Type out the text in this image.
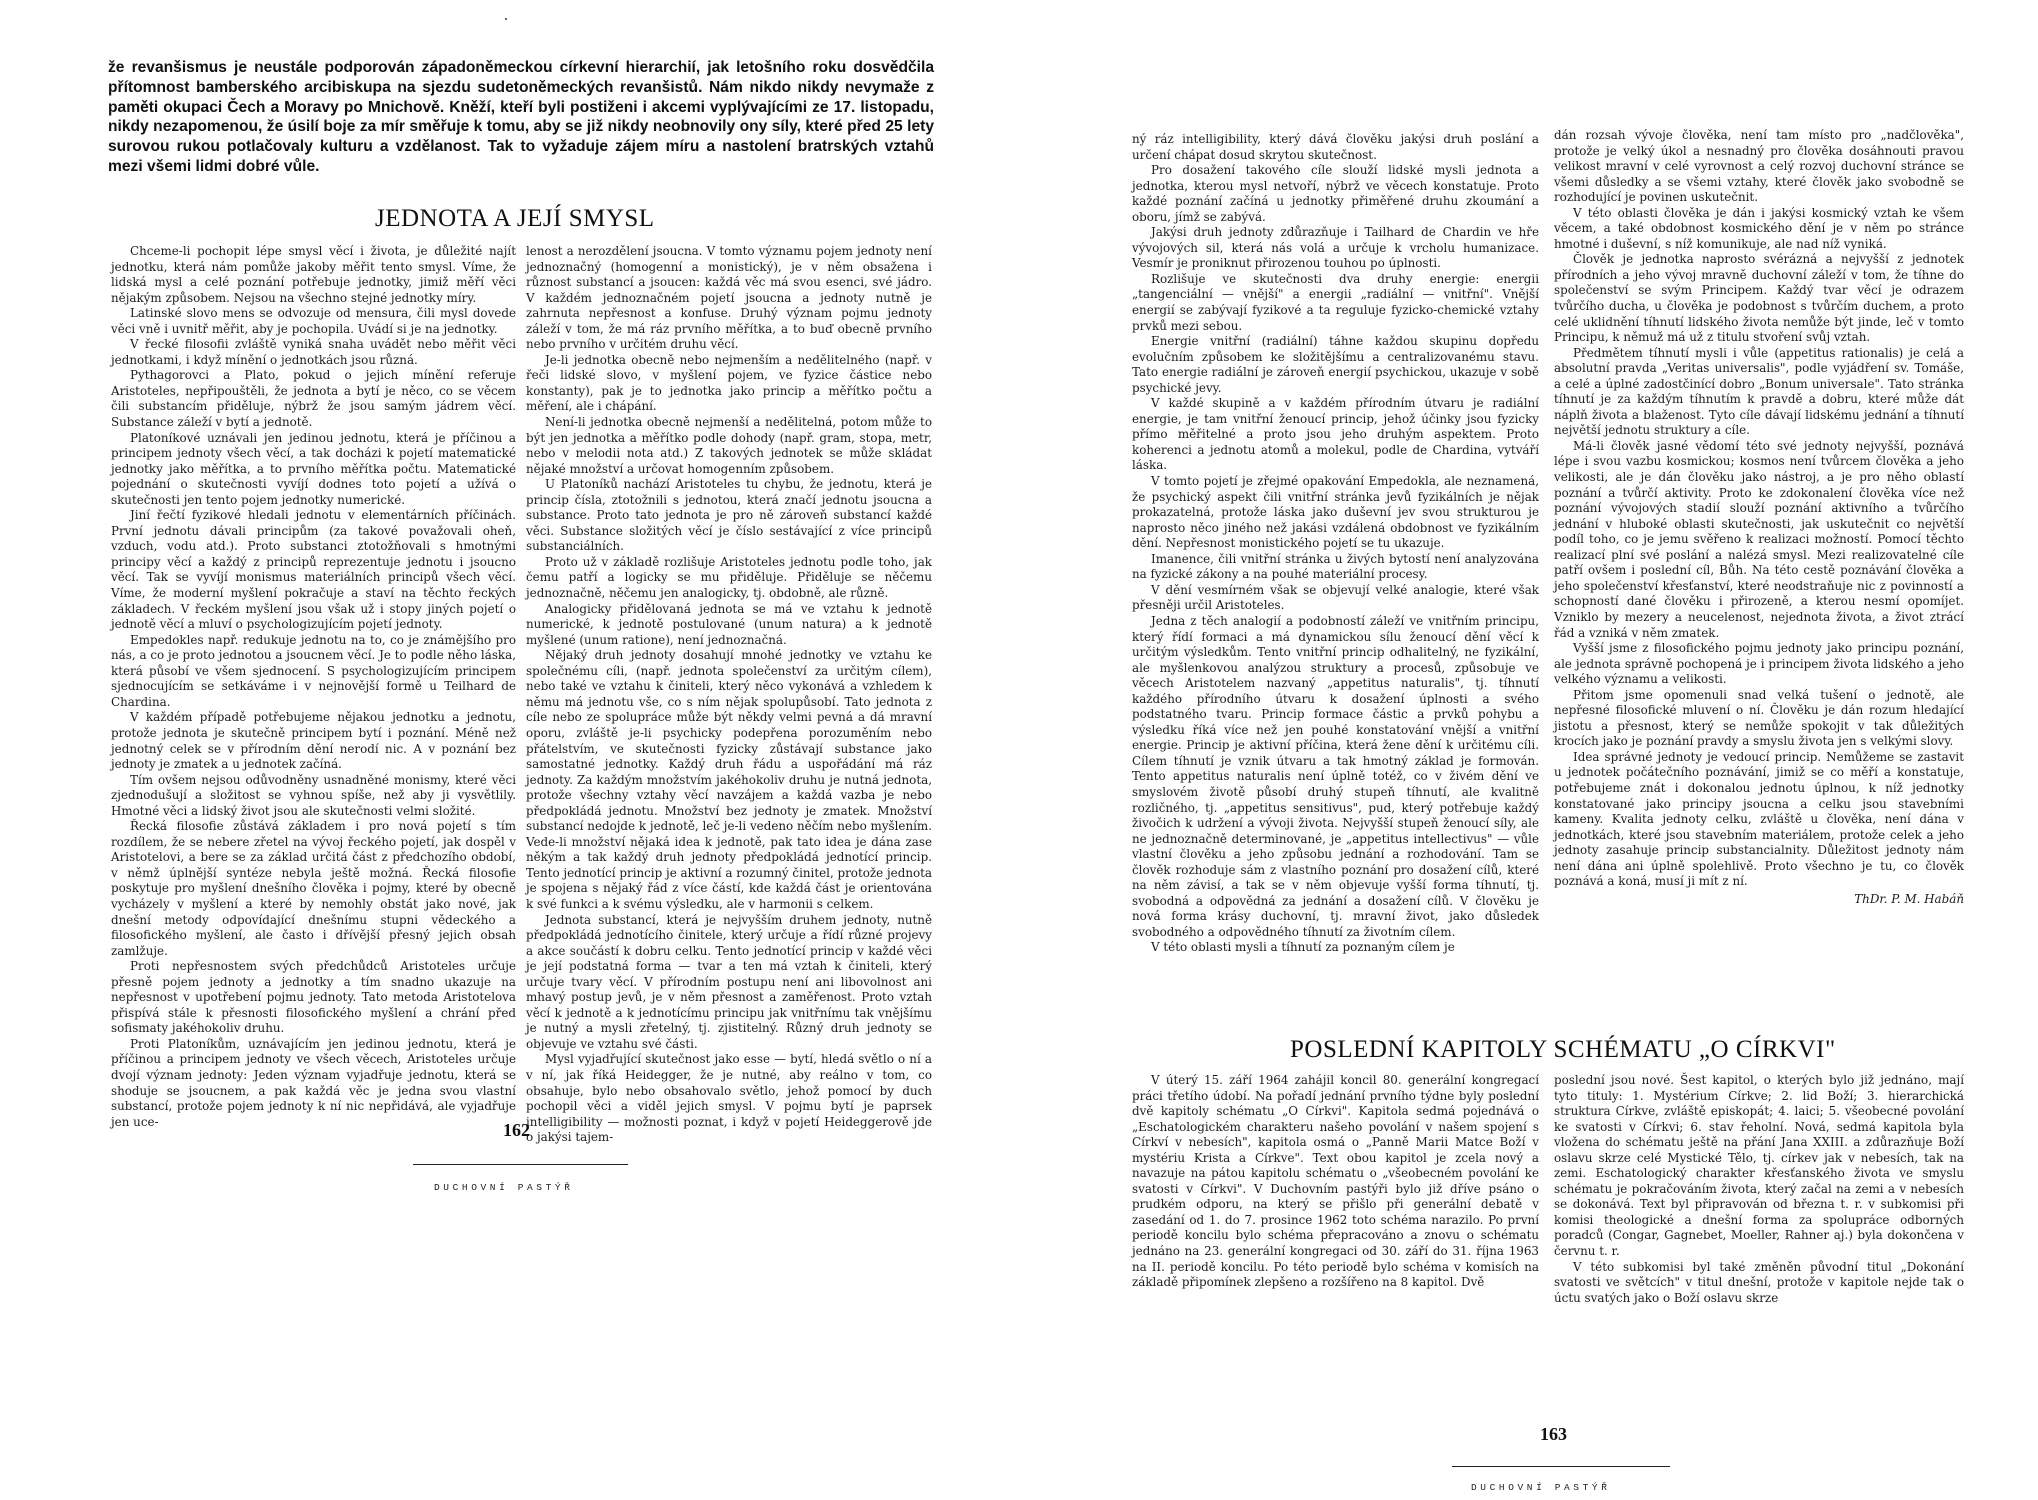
že revanšismus je neustále podporován západoněmeckou církevní hierarchií, jak letošního roku dosvědčila přítomnost bamberského arcibiskupa na sjezdu sudetoněmeckých revanšistů. Nám nikdo nikdy nevymaže z paměti okupaci Čech a Moravy po Mnichově. Kněží, kteří byli postiženi i akcemi vyplývajícími ze 17. listopadu, nikdy nezapomenou, že úsilí boje za mír směřuje k tomu, aby se již nikdy neobnovily ony síly, které před 25 lety surovou rukou potlačovaly kulturu a vzdělanost. Tak to vyžaduje zájem míru a nastolení bratrských vztahů mezi všemi lidmi dobré vůle.

JEDNOTA A JEJÍ SMYSL

Chceme-li pochopit lépe smysl věcí i života, je důležité najít jednotku, která nám pomůže jakoby měřit tento smysl. Víme, že lidská mysl a celé poznání potřebuje jednotky, jimiž měří věci nějakým způsobem. Nejsou na všechno stejné jednotky míry.

Latinské slovo mens se odvozuje od mensura, čili mysl dovede věci vně i uvnitř měřit, aby je pochopila. Uvádí si je na jednotky.

V řecké filosofii zvláště vyniká snaha uvádět nebo měřit věci jednotkami, i když mínění o jednotkách jsou různá.

Pythagorovci a Plato, pokud o jejich mínění referuje Aristoteles, nepřipouštěli, že jednota a bytí je něco, co se věcem čili substancím přiděluje, nýbrž že jsou samým jádrem věcí. Substance záleží v bytí a jednotě.

Platoníkové uznávali jen jedinou jednotu, která je příčinou a principem jednoty všech věcí, a tak docházi k pojetí matematické jednotky jako měřítka, a to prvního měřítka počtu. Matematické pojednání o skutečnosti vyvíjí dodnes toto pojetí a užívá o skutečnosti jen tento pojem jednotky numerické.

Jiní řečtí fyzikové hledali jednotu v elementárních příčinách. První jednotu dávali principům (za takové považovali oheň, vzduch, vodu atd.). Proto substanci ztotožňovali s hmotnými principy věcí a každý z principů reprezentuje jednotu i jsoucno věcí. Tak se vyvíjí monismus materiálních principů všech věcí. Víme, že moderní myšlení pokračuje a staví na těchto řeckých základech. V řeckém myšlení jsou však už i stopy jiných pojetí o jednotě věcí a mluví o psychologizujícím pojetí jednoty.

Empedokles např. redukuje jednotu na to, co je známějšího pro nás, a co je proto jednotou a jsoucnem věcí. Je to podle něho láska, která působí ve všem sjednocení. S psychologizujícím principem sjednocujícím se setkáváme i v nejnovější formě u Teilhard de Chardina.

V každém případě potřebujeme nějakou jednotku a jednotu, protože jednota je skutečně principem bytí i poznání. Méně než jednotný celek se v přírodním dění nerodí nic. A v poznání bez jednoty je zmatek a u jednotek začíná.

Tím ovšem nejsou odůvodněny usnadněné monismy, které věci zjednodušují a složitost se vyhnou spíše, než aby ji vysvětlily. Hmotné věci a lidský život jsou ale skutečnosti velmi složité.

Řecká filosofie zůstává základem i pro nová pojetí s tím rozdílem, že se nebere zřetel na vývoj řeckého pojetí, jak dospěl v Aristotelovi, a bere se za základ určitá část z předchozího období, v němž úplnější syntéze nebyla ještě možná. Řecká filosofie poskytuje pro myšlení dnešního člověka i pojmy, které by obecně vycházely v myšlení a které by nemohly obstát jako nové, jak dnešní metody odpovídající dnešnímu stupni vědeckého a filosofického myšlení, ale často i dřívější přesný jejich obsah zamlžuje.

Proti nepřesnostem svých předchůdců Aristoteles určuje přesně pojem jednoty a jednotky a tím snadno ukazuje na nepřesnost v upotřebení pojmu jednoty. Tato metoda Aristotelova přispívá stále k přesnosti filosofického myšlení a chrání před sofismaty jakéhokoliv druhu.

Proti Platoníkům, uznávajícím jen jedinou jednotu, která je příčinou a principem jednoty ve všech věcech, Aristoteles určuje dvojí význam jednoty: Jeden význam vyjadřuje jednotu, která se shoduje se jsoucnem, a pak každá věc je jedna svou vlastní substancí, protože pojem jednoty k ní nic nepřidává, ale vyjadřuje jen uce-

lenost a nerozdělení jsoucna. V tomto významu pojem jednoty není jednoznačný (homogenní a monistický), je v něm obsažena i různost substancí a jsoucen: každá věc má svou esenci, své jádro. V každém jednoznačném pojetí jsoucna a jednoty nutně je zahrnuta nepřesnost a konfuse. Druhý význam pojmu jednoty záleží v tom, že má ráz prvního měřítka, a to buď obecně prvního nebo prvního v určitém druhu věcí.

Je-li jednotka obecně nebo nejmenším a nedělitelného (např. v řeči lidské slovo, v myšlení pojem, ve fyzice částice nebo konstanty), pak je to jednotka jako princip a měřítko počtu a měření, ale i chápání.

Není-li jednotka obecně nejmenší a nedělitelná, potom může to být jen jednotka a měřítko podle dohody (např. gram, stopa, metr, nebo v melodii nota atd.) Z takových jednotek se může skládat nějaké množství a určovat homogenním způsobem.

U Platoníků nachází Aristoteles tu chybu, že jednotu, která je princip čísla, ztotožnili s jednotou, která značí jednotu jsoucna a substance. Proto tato jednota je pro ně zároveň substancí každé věci. Substance složitých věcí je číslo sestávající z více principů substanciálních.

Proto už v základě rozlišuje Aristoteles jednotu podle toho, jak čemu patří a logicky se mu přiděluje. Přiděluje se něčemu jednoznačně, něčemu jen analogicky, tj. obdobně, ale různě.

Analogicky přidělovaná jednota se má ve vztahu k jednotě numerické, k jednotě postulované (unum natura) a k jednotě myšlené (unum ratione), není jednoznačná.

Nějaký druh jednoty dosahují mnohé jednotky ve vztahu ke společnému cíli, (např. jednota společenství za určitým cílem), nebo také ve vztahu k činiteli, který něco vykonává a vzhledem k němu má jednotu vše, co s ním nějak spolupůsobí. Tato jednota z cíle nebo ze spolupráce může být někdy velmi pevná a dá mravní oporu, zvláště je-li psychicky podepřena porozuměním nebo přátelstvím, ve skutečnosti fyzicky zůstávají substance jako samostatné jednotky. Každý druh řádu a uspořádání má ráz jednoty. Za každým množstvím jakéhokoliv druhu je nutná jednota, protože všechny vztahy věcí navzájem a každá vazba je nebo předpokládá jednotu. Množství bez jednoty je zmatek. Množství substancí nedojde k jednotě, leč je-li vedeno něčím nebo myšlením. Vede-li množství nějaká idea k jednotě, pak tato idea je dána zase někým a tak každý druh jednoty předpokládá jednotící princip. Tento jednotící princip je aktivní a rozumný činitel, protože jednota je spojena s nějaký řád z více částí, kde každá část je orientována k své funkci a k svému výsledku, ale v harmonii s celkem.

Jednota substancí, která je nejvyšším druhem jednoty, nutně předpokládá jednotícího činitele, který určuje a řídí různé projevy a akce součástí k dobru celku. Tento jednotící princip v každé věci je její podstatná forma — tvar a ten má vztah k činiteli, který určuje tvary věcí. V přírodním postupu není ani libovolnost ani mhavý postup jevů, je v něm přesnost a zaměřenost. Proto vztah věcí k jednotě a k jednotícímu principu jak vnitřnímu tak vnějšímu je nutný a mysli zřetelný, tj. zjistitelný. Různý druh jednoty se objevuje ve vztahu své části.

Mysl vyjadřující skutečnost jako esse — bytí, hledá světlo o ní a v ní, jak říká Heidegger, že je nutné, aby reálno v tom, co obsahuje, bylo nebo obsahovalo světlo, jehož pomocí by duch pochopil věci a viděl jejich smysl. V pojmu bytí je paprsek intelligibility — možnosti poznat, i když v pojetí Heideggerově jde o jakýsi tajem-

162
DUCHOVNÍ PASTÝŘ

ný ráz intelligibility, který dává člověku jakýsi druh poslání a určení chápat dosud skrytou skutečnost.

Pro dosažení takového cíle slouží lidské mysli jednota a jednotka, kterou mysl netvoří, nýbrž ve věcech konstatuje. Proto každé poznání začíná u jednotky přiměřené druhu zkoumání a oboru, jímž se zabývá.

Jakýsi druh jednoty zdůrazňuje i Tailhard de Chardin ve hře vývojových sil, která nás volá a určuje k vrcholu humanizace. Vesmír je proniknut přirozenou touhou po úplnosti.

Rozlišuje ve skutečnosti dva druhy energie: energii „tangenciální — vnější" a energii „radiální — vnitřní". Vnější energií se zabývají fyzikové a ta reguluje fyzicko-chemické vztahy prvků mezi sebou.

Energie vnitřní (radiální) táhne každou skupinu dopředu evolučním způsobem ke složitějšímu a centralizovanému stavu. Tato energie radiální je zároveň energií psychickou, ukazuje v sobě psychické jevy.

V každé skupině a v každém přírodním útvaru je radiální energie, je tam vnitřní ženoucí princip, jehož účinky jsou fyzicky přímo měřitelné a proto jsou jeho druhým aspektem. Proto koherenci a jednotu atomů a molekul, podle de Chardina, vytváří láska.

V tomto pojetí je zřejmé opakování Empedokla, ale neznamená, že psychický aspekt čili vnitřní stránka jevů fyzikálních je nějak prokazatelná, protože láska jako duševní jev svou strukturou je naprosto něco jiného než jakási vzdálená obdobnost ve fyzikálním dění. Nepřesnost monistického pojetí se tu ukazuje.

Imanence, čili vnitřní stránka u živých bytostí není analyzována na fyzické zákony a na pouhé materiální procesy.

V dění vesmírném však se objevují velké analogie, které však přesněji určil Aristoteles.

Jedna z těch analogií a podobností záleží ve vnitřním principu, který řídí formaci a má dynamickou sílu ženoucí dění věcí k určitým výsledkům. Tento vnitřní princip odhalitelný, ne fyzikální, ale myšlenkovou analýzou struktury a procesů, způsobuje ve věcech Aristotelem nazvaný „appetitus naturalis", tj. tíhnutí každého přírodního útvaru k dosažení úplnosti a svého podstatného tvaru. Princip formace částic a prvků pohybu a výsledku říká více než jen pouhé konstatování vnější a vnitřní energie. Princip je aktivní příčina, která žene dění k určitému cíli. Cílem tíhnutí je vznik útvaru a tak hmotný základ je formován. Tento appetitus naturalis není úplně totéž, co v živém dění ve smyslovém životě působí druhý stupeň tíhnutí, ale kvalitně rozličného, tj. „appetitus sensitivus", pud, který potřebuje každý živočich k udržení a vývoji života. Nejvyšší stupeň ženoucí síly, ale ne jednoznačně determinované, je „appetitus intellectivus" — vůle vlastní člověku a jeho způsobu jednání a rozhodování. Tam se člověk rozhoduje sám z vlastního poznání pro dosažení cílů, které na něm závisí, a tak se v něm objevuje vyšší forma tíhnutí, tj. svobodná a odpovědná za jednání a dosažení cílů. V člověku je nová forma krásy duchovní, tj. mravní život, jako důsledek svobodného a odpovědného tíhnutí za životním cílem.

V této oblasti mysli a tíhnutí za poznaným cílem je

dán rozsah vývoje člověka, není tam místo pro „nadčlověka", protože je velký úkol a nesnadný pro člověka dosáhnouti pravou velikost mravní v celé vyrovnost a celý rozvoj duchovní stránce se všemi důsledky a se všemi vztahy, které člověk jako svobodně se rozhodující je povinen uskutečnit.

V této oblasti člověka je dán i jakýsi kosmický vztah ke všem věcem, a také obdobnost kosmického dění je v něm po stránce hmotné i duševní, s níž komunikuje, ale nad níž vyniká.

Člověk je jednotka naprosto svérázná a nejvyšší z jednotek přírodních a jeho vývoj mravně duchovní záleží v tom, že tíhne do společenství se svým Principem. Každý tvar věcí je odrazem tvůrčího ducha, u člověka je podobnost s tvůrčím duchem, a proto celé uklidnění tíhnutí lidského života nemůže být jinde, leč v tomto Principu, k němuž má už z titulu stvoření svůj vztah.

Předmětem tíhnutí mysli i vůle (appetitus rationalis) je celá a absolutní pravda „Veritas universalis", podle vyjádření sv. Tomáše, a celé a úplné zadostčinící dobro „Bonum universale". Tato stránka tíhnutí je za každým tíhnutím k pravdě a dobru, které může dát náplň života a blaženost. Tyto cíle dávají lidskému jednání a tíhnutí největší jednotu struktury a cíle.

Má-li člověk jasné vědomí této své jednoty nejvyšší, poznává lépe i svou vazbu kosmickou; kosmos není tvůrcem člověka a jeho velikosti, ale je dán člověku jako nástroj, a je pro něho oblastí poznání a tvůrčí aktivity. Proto ke zdokonalení člověka více než poznání vývojových stadií slouží poznání aktivního a tvůrčího jednání v hluboké oblasti skutečnosti, jak uskutečnit co největší podíl toho, co je jemu svěřeno k realizaci možností. Pomocí těchto realizací plní své poslání a nalézá smysl. Mezi realizovatelné cíle patří ovšem i poslední cíl, Bůh. Na této cestě poznávání člověka a jeho společenství křesťanství, které neodstraňuje nic z povinností a schopností dané člověku i přirozeně, a kterou nesmí opomíjet. Vzniklo by mezery a neucelenost, nejednota života, a život ztrácí řád a vzniká v něm zmatek.

Vyšší jsme z filosofického pojmu jednoty jako principu poznání, ale jednota správně pochopená je i principem života lidského a jeho velkého významu a velikosti.

Přitom jsme opomenuli snad velká tušení o jednotě, ale nepřesné filosofické mluvení o ní. Člověku je dán rozum hledající jistotu a přesnost, který se nemůže spokojit v tak důležitých krocích jako je poznání pravdy a smyslu života jen s velkými slovy.

Idea správné jednoty je vedoucí princip. Nemůžeme se zastavit u jednotek počátečního poznávání, jimiž se co měří a konstatuje, potřebujeme znát i dokonalou jednotu úplnou, k níž jednotky konstatované jako principy jsoucna a celku jsou stavebními kameny. Kvalita jednoty celku, zvláště u člověka, není dána v jednotkách, které jsou stavebním materiálem, protože celek a jeho jednoty zasahuje princip substancialnity. Důležitost jednoty nám není dána ani úplně spolehlivě. Proto všechno je tu, co člověk poznává a koná, musí ji mít z ní.

ThDr. P. M. Habáň

POSLEDNÍ KAPITOLY SCHÉMATU „O CÍRKVI"

V úterý 15. září 1964 zahájil koncil 80. generální kongregací práci třetího údobí. Na pořadí jednání prvního týdne byly poslední dvě kapitoly schématu „O Církvi". Kapitola sedmá pojednává o „Eschatologickém charakteru našeho povolání v našem spojení s Církví v nebesích", kapitola osmá o „Panně Marii Matce Boží v mystériu Krista a Církve". Text obou kapitol je zcela nový a navazuje na pátou kapitolu schématu o „všeobecném povolání ke svatosti v Církvi". V Duchovním pastýři bylo již dříve psáno o prudkém odporu, na který se přišlo při generální debatě v zasedání od 1. do 7. prosince 1962 toto schéma narazilo. Po první periodě koncilu bylo schéma přepracováno a znovu o schématu jednáno na 23. generální kongregaci od 30. září do 31. října 1963 na II. periodě koncilu. Po této periodě bylo schéma v komisích na základě připomínek zlepšeno a rozšířeno na 8 kapitol. Dvě

poslední jsou nové. Šest kapitol, o kterých bylo již jednáno, mají tyto tituly: 1. Mystérium Církve; 2. lid Boží; 3. hierarchická struktura Církve, zvláště episkopát; 4. laici; 5. všeobecné povolání ke svatosti v Církvi; 6. stav řeholní. Nová, sedmá kapitola byla vložena do schématu ještě na přání Jana XXIII. a zdůrazňuje Boží oslavu skrze celé Mystické Tělo, tj. církev jak v nebesích, tak na zemi. Eschatologický charakter křesťanského života ve smyslu schématu je pokračováním života, který začal na zemi a v nebesích se dokonává. Text byl připravován od března t. r. v subkomisi při komisi theologické a dnešní forma za spolupráce odborných poradců (Congar, Gagnebet, Moeller, Rahner aj.) byla dokončena v červnu t. r.

V této subkomisi byl také změněn původní titul „Dokonání svatosti ve světcích" v titul dnešní, protože v kapitole nejde tak o úctu svatých jako o Boží oslavu skrze

163
DUCHOVNÍ PASTÝŘ
